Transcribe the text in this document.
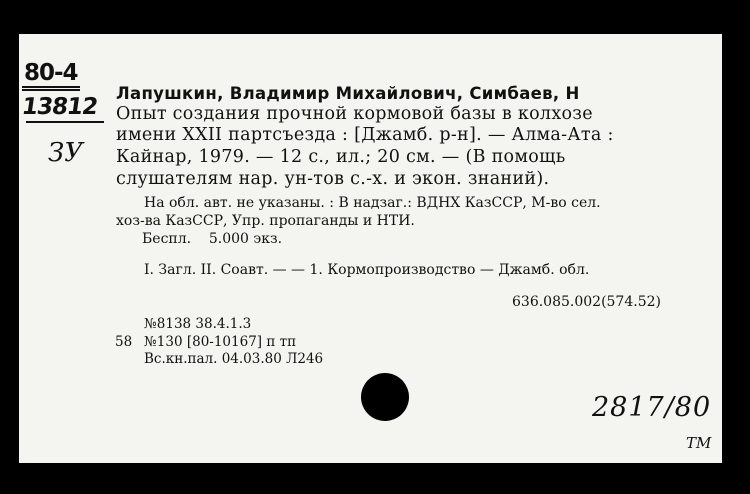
80-4
13812
ЗУ
Лапушкин, Владимир Михайлович, Симбаев, Н
Опыт создания прочной кормовой базы в колхозе
имени XXII партсъезда : [Джамб. р-н]. — Алма-Ата :
Кайнар, 1979. — 12 с., ил.; 20 см. — (В помощь
слушателям нар. ун-тов с.-х. и экон. знаний).
На обл. авт. не указаны. : В надзаг.: ВДНХ КазССР, М-во сел.
хоз-ва КазССР, Упр. пропаганды и НТИ.
Беспл.    5.000 экз.
I. Загл. II. Соавт. — — 1. Кормопроизводство — Джамб. обл.
636.085.002(574.52)
№8138 38.4.1.3
58 №130 [80-10167] п тп
Вс.кн.пал. 04.03.80 Л246
2817/80
ТМ
